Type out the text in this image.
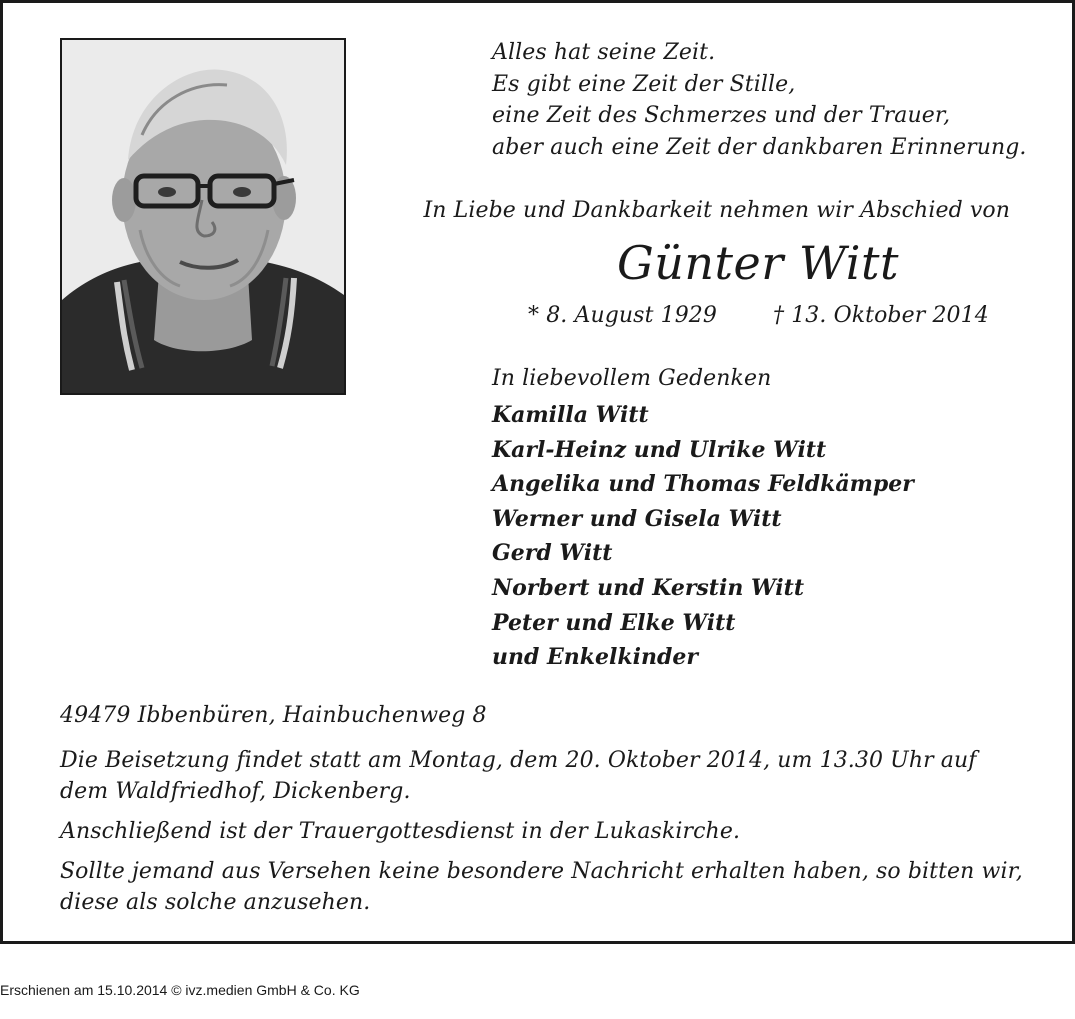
Alles hat seine Zeit.
Es gibt eine Zeit der Stille,
eine Zeit des Schmerzes und der Trauer,
aber auch eine Zeit der dankbaren Erinnerung.
In Liebe und Dankbarkeit nehmen wir Abschied von
Günter Witt
* 8. August 1929	† 13. Oktober 2014
In liebevollem Gedenken
Kamilla Witt
Karl-Heinz und Ulrike Witt
Angelika und Thomas Feldkämper
Werner und Gisela Witt
Gerd Witt
Norbert und Kerstin Witt
Peter und Elke Witt
und Enkelkinder
49479 Ibbenbüren, Hainbuchenweg 8
Die Beisetzung findet statt am Montag, dem 20. Oktober 2014, um 13.30 Uhr auf dem Waldfriedhof, Dickenberg.
Anschließend ist der Trauergottesdienst in der Lukaskirche.
Sollte jemand aus Versehen keine besondere Nachricht erhalten haben, so bitten wir, diese als solche anzusehen.
Erschienen am 15.10.2014 © ivz.medien GmbH & Co. KG
